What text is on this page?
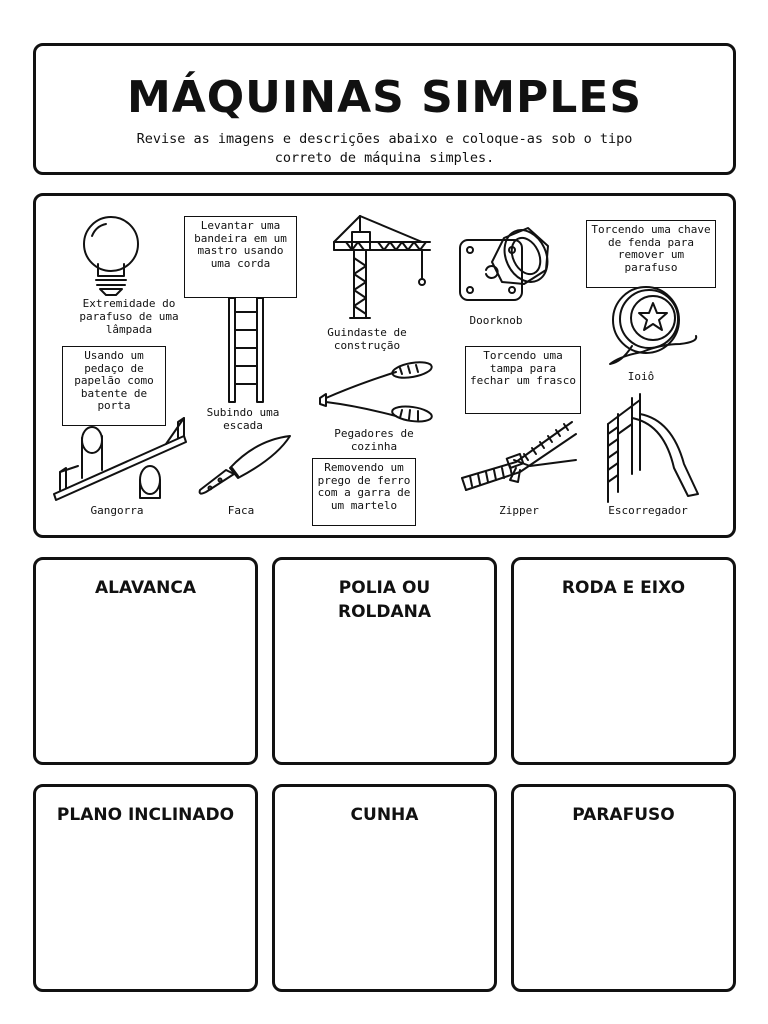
MÁQUINAS SIMPLES
Revise as imagens e descrições abaixo e coloque-as sob o tipo correto de máquina simples.
Extremidade do parafuso de uma lâmpada
Levantar uma bandeira em um mastro usando uma corda
Subindo uma escada
Guindaste de construção
Doorknob
Torcendo uma chave de fenda para remover um parafuso
Ioiô
Usando um pedaço de papelão como batente de porta
Pegadores de cozinha
Torcendo uma tampa para fechar um frasco
Escorregador
Gangorra	Faca
Removendo um prego de ferro com a garra de um martelo	Zipper
ALAVANCA	POLIA OU ROLDANA
RODA E EIXO
PLANO INCLINADO	CUNHA	PARAFUSO
